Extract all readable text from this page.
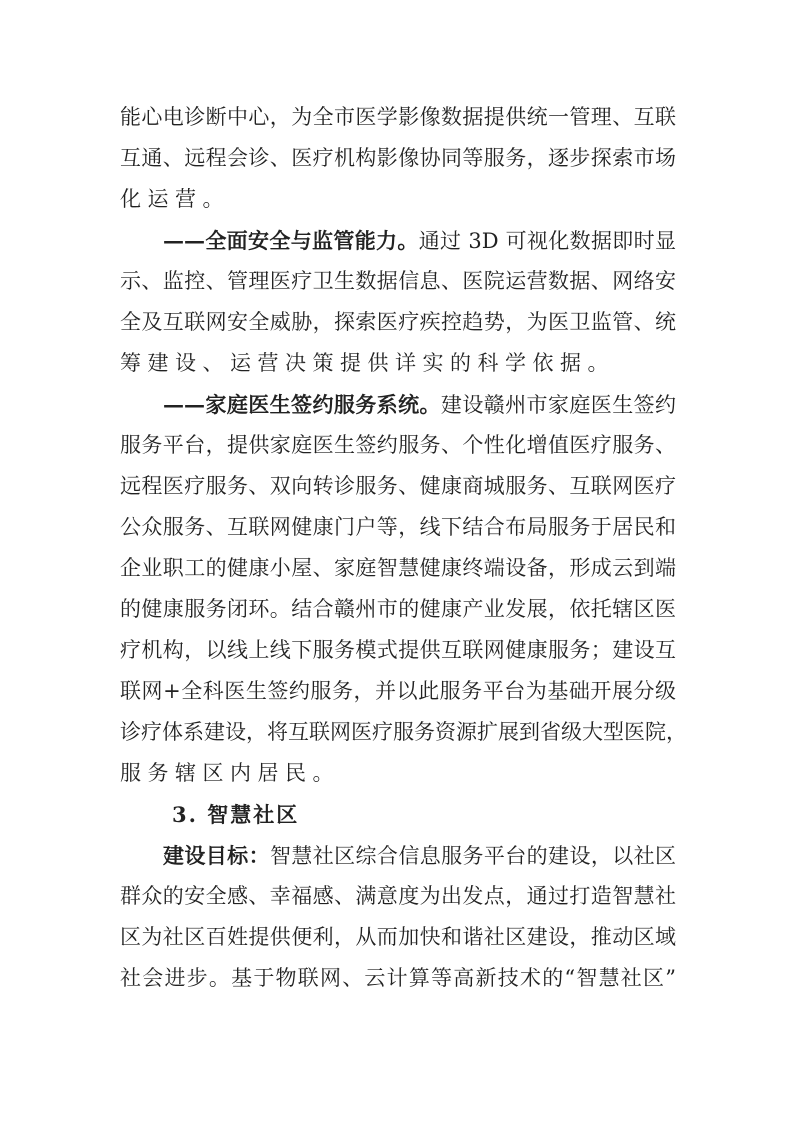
能心电诊断中心，为全市医学影像数据提供统一管理、互联
互通、远程会诊、医疗机构影像协同等服务，逐步探索市场
化运营。
——全面安全与监管能力。通过 3D 可视化数据即时显
示、监控、管理医疗卫生数据信息、医院运营数据、网络安
全及互联网安全威胁，探索医疗疾控趋势，为医卫监管、统
筹建设、运营决策提供详实的科学依据。
——家庭医生签约服务系统。建设赣州市家庭医生签约
服务平台，提供家庭医生签约服务、个性化增值医疗服务、
远程医疗服务、双向转诊服务、健康商城服务、互联网医疗
公众服务、互联网健康门户等，线下结合布局服务于居民和
企业职工的健康小屋、家庭智慧健康终端设备，形成云到端
的健康服务闭环。结合赣州市的健康产业发展，依托辖区医
疗机构，以线上线下服务模式提供互联网健康服务；建设互
联网+全科医生签约服务，并以此服务平台为基础开展分级
诊疗体系建设，将互联网医疗服务资源扩展到省级大型医院，
服务辖区内居民。
3. 智慧社区
建设目标：智慧社区综合信息服务平台的建设，以社区
群众的安全感、幸福感、满意度为出发点，通过打造智慧社
区为社区百姓提供便利，从而加快和谐社区建设，推动区域
社会进步。基于物联网、云计算等高新技术的“智慧社区”
